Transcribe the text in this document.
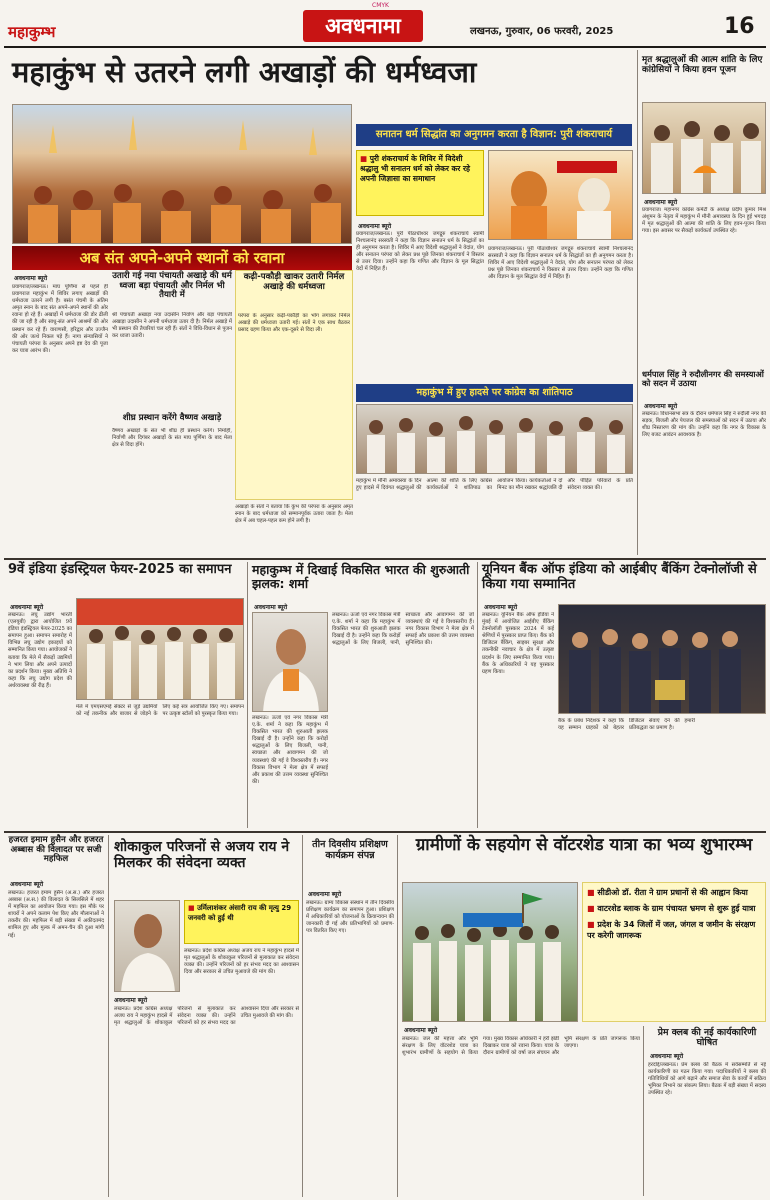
CMYK
महाकुम्भ	अवधनामा	लखनऊ, गुरुवार, 06 फरवरी, 2025	16
महाकुंभ से उतरने लगी अखाड़ों की धर्मध्वजा
सनातन धर्म सिद्धांत का अनुगमन करता है विज्ञान: पुरी शंकराचार्य
■ पुरी शंकराचार्य के शिविर में विदेशी श्रद्धालु भी सनातन धर्म को लेकर कर रहे अपनी जिज्ञासा का समाधान
अवधनामा ब्यूरो
प्रयागराज/लखनऊ। पुरी पीठाधीश्वर जगद्गुरु शंकराचार्य स्वामी निश्चलानंद सरस्वती ने कहा कि विज्ञान सनातन धर्म के सिद्धांतों का ही अनुगमन करता है। शिविर में आए विदेशी श्रद्धालुओं ने वेदांत, योग और सनातन परंपरा को लेकर प्रश्न पूछे जिनका शंकराचार्य ने विस्तार से उत्तर दिया। उन्होंने कहा कि गणित और विज्ञान के मूल सिद्धांत वेदों में निहित हैं।
प्रयागराज/लखनऊ। पुरी पीठाधीश्वर जगद्गुरु शंकराचार्य स्वामी निश्चलानंद सरस्वती ने कहा कि विज्ञान सनातन धर्म के सिद्धांतों का ही अनुगमन करता है। शिविर में आए विदेशी श्रद्धालुओं ने वेदांत, योग और सनातन परंपरा को लेकर प्रश्न पूछे जिनका शंकराचार्य ने विस्तार से उत्तर दिया। उन्होंने कहा कि गणित और विज्ञान के मूल सिद्धांत वेदों में निहित हैं।
अब संत अपने-अपने स्थानों को रवाना
अवधनामा ब्यूरो
प्रयागराज/लखनऊ। माघ पूर्णिमा से पहले ही प्रयागराज महाकुंभ में शिविर लगाए अखाड़ों की धर्मध्वजा उतरने लगी है। बसंत पंचमी के अंतिम अमृत स्नान के बाद संत अपने-अपने स्थानों की ओर रवाना हो रहे हैं। अखाड़ों में धर्मध्वजा की डोर ढीली की जा रही है और साधु-संत अपने आश्रमों की ओर प्रस्थान कर रहे हैं। वाराणसी, हरिद्वार और उज्जैन की ओर जत्थे निकल पड़े हैं। नागा संन्यासियों ने पंचायती परंपरा के अनुसार अपने इष्ट देव की पूजा कर यात्रा आरंभ की।
उतारी गई नया पंचायती अखाड़े की धर्म ध्वजा बड़ा पंचायती और निर्मल भी तैयारी में
श्री पंचायती अखाड़ा नया उदासीन निर्वाण और बड़ा पंचायती अखाड़ा उदासीन ने अपनी धर्मध्वजा उतार दी है। निर्मल अखाड़े में भी प्रस्थान की तैयारियां चल रही हैं। संतों ने विधि-विधान से पूजन कर ध्वजा उतारी।
शीघ्र प्रस्थान करेंगे वैष्णव अखाड़े
वैष्णव अखाड़ों के संत भी शीघ्र ही प्रस्थान करेंगे। निर्मोही, निर्वाणी और दिगंबर अखाड़ों के संत माघ पूर्णिमा के बाद मेला क्षेत्र से विदा होंगे।
कढ़ी-पकौड़ी खाकर उतारी निर्मल अखाड़े की धर्मध्वजा
परंपरा के अनुसार कढ़ी-पकौड़ी का भोग लगाकर निर्मल अखाड़े की धर्मध्वजा उतारी गई। संतों ने एक साथ बैठकर प्रसाद ग्रहण किया और एक-दूसरे से विदा ली।
अखाड़ों के संतों ने बताया कि कुंभ की परंपरा के अनुसार अमृत स्नान के बाद धर्मध्वजा को सम्मानपूर्वक उतारा जाता है। मेला क्षेत्र में अब चहल-पहल कम होने लगी है।
महाकुंभ में हुए हादसे पर कांग्रेस का शांतिपाठ
महाकुंभ में मौनी अमावस्या के दिन हुए हादसे में दिवंगत श्रद्धालुओं की आत्मा की शांति के लिए कांग्रेस कार्यकर्ताओं ने शांतिपाठ का आयोजन किया। कार्यकर्ताओं ने दो मिनट का मौन रखकर श्रद्धांजलि दी और पीड़ित परिवारों के प्रति संवेदना व्यक्त की।
मृत श्रद्धालुओं की आत्म शांति के लिए कांग्रेसियों ने किया हवन पूजन
अवधनामा ब्यूरो
प्रयागराज। महानगर कांग्रेस कमेटी के अध्यक्ष प्रदीप कुमार मिश्र अंशुमन के नेतृत्व में महाकुंभ में मौनी अमावस्या के दिन हुई भगदड़ में मृत श्रद्धालुओं की आत्मा की शांति के लिए हवन-पूजन किया गया। इस अवसर पर सैकड़ों कार्यकर्ता उपस्थित रहे।
धर्मपाल सिंह ने रुदौलीनगर की समस्याओं को सदन में उठाया
अवधनामा ब्यूरो
लखनऊ। विधानसभा सत्र के दौरान धर्मपाल सिंह ने रुदौली नगर की सड़क, बिजली और पेयजल की समस्याओं को सदन में उठाया और शीघ्र निस्तारण की मांग की। उन्होंने कहा कि नगर के विकास के लिए बजट आवंटन आवश्यक है।
9वें इंडिया इंडस्ट्रियल फेयर-2025 का समापन
अवधनामा ब्यूरो
लखनऊ। लघु उद्योग भारती (एलयूबी) द्वारा आयोजित 9वें इंडिया इंडस्ट्रियल फेयर-2025 का समापन हुआ। समापन समारोह में विभिन्न लघु उद्योग इकाइयों को सम्मानित किया गया। आयोजकों ने बताया कि मेले में सैकड़ों उद्यमियों ने भाग लिया और अपने उत्पादों का प्रदर्शन किया। मुख्य अतिथि ने कहा कि लघु उद्योग प्रदेश की अर्थव्यवस्था की रीढ़ हैं।
मेले में एमएसएमई सेक्टर से जुड़े उद्यमियों को नई तकनीक और बाजार से जोड़ने के लिए कई सत्र आयोजित किए गए। समापन पर उत्कृष्ट स्टॉलों को पुरस्कृत किया गया।
महाकुम्भ में दिखाई विकसित भारत की शुरुआती झलक: शर्मा
अवधनामा ब्यूरो
लखनऊ। ऊर्जा एवं नगर विकास मंत्री ए.के. शर्मा ने कहा कि महाकुंभ में विकसित भारत की शुरुआती झलक दिखाई दी है। उन्होंने कहा कि करोड़ों श्रद्धालुओं के लिए बिजली, पानी, स्वच्छता और आवागमन की जो व्यवस्थाएं की गईं वे विश्वस्तरीय हैं। नगर विकास विभाग ने मेला क्षेत्र में सफाई और प्रकाश की उत्तम व्यवस्था सुनिश्चित की।
लखनऊ। ऊर्जा एवं नगर विकास मंत्री ए.के. शर्मा ने कहा कि महाकुंभ में विकसित भारत की शुरुआती झलक दिखाई दी है। उन्होंने कहा कि करोड़ों श्रद्धालुओं के लिए बिजली, पानी, स्वच्छता और आवागमन की जो व्यवस्थाएं की गईं वे विश्वस्तरीय हैं। नगर विकास विभाग ने मेला क्षेत्र में सफाई और प्रकाश की उत्तम व्यवस्था सुनिश्चित की।
यूनियन बैंक ऑफ इंडिया को आईबीए बैंकिंग टेक्नोलॉजी से किया गया सम्मानित
अवधनामा ब्यूरो
लखनऊ। यूनियन बैंक ऑफ इंडिया ने मुंबई में आयोजित आईबीए बैंकिंग टेक्नोलॉजी पुरस्कार 2024 में कई श्रेणियों में पुरस्कार प्राप्त किए। बैंक को डिजिटल बैंकिंग, साइबर सुरक्षा और तकनीकी नवाचार के क्षेत्र में उत्कृष्ट प्रदर्शन के लिए सम्मानित किया गया। बैंक के अधिकारियों ने यह पुरस्कार ग्रहण किया।
बैंक के प्रबंध निदेशक ने कहा कि यह सम्मान ग्राहकों को बेहतर डिजिटल सेवाएं देने की हमारी प्रतिबद्धता का प्रमाण है।
हजरत इमाम हुसैन और हजरत अब्बास की विलादत पर सजी महफिल
अवधनामा ब्यूरो
लखनऊ। हजरत इमाम हुसैन (अ.स.) और हजरत अब्बास (अ.स.) की विलादत के सिलसिले में शहर में महफिल का आयोजन किया गया। इस मौके पर शायरों ने अपने कलाम पेश किए और मौलानाओं ने तकरीर की। महफिल में बड़ी संख्या में अकीदतमंद शामिल हुए और मुल्क में अमन-चैन की दुआ मांगी गई।
शोकाकुल परिजनों से अजय राय ने मिलकर की संवेदना व्यक्त
■ उर्मिलाशंकर अंसारी राय की मृत्यु 29 जनवरी को हुई थी
लखनऊ। प्रदेश कांग्रेस अध्यक्ष अजय राय ने महाकुंभ हादसे में मृत श्रद्धालुओं के शोकाकुल परिजनों से मुलाकात कर संवेदना व्यक्त की। उन्होंने परिजनों को हर संभव मदद का आश्वासन दिया और सरकार से उचित मुआवजे की मांग की।
अवधनामा ब्यूरो
लखनऊ। प्रदेश कांग्रेस अध्यक्ष अजय राय ने महाकुंभ हादसे में मृत श्रद्धालुओं के शोकाकुल परिजनों से मुलाकात कर संवेदना व्यक्त की। उन्होंने परिजनों को हर संभव मदद का आश्वासन दिया और सरकार से उचित मुआवजे की मांग की।
तीन दिवसीय प्रशिक्षण कार्यक्रम संपन्न
अवधनामा ब्यूरो
लखनऊ। ग्राम्य विकास संस्थान में तीन दिवसीय प्रशिक्षण कार्यक्रम का समापन हुआ। प्रशिक्षण में अधिकारियों को योजनाओं के क्रियान्वयन की जानकारी दी गई और प्रतिभागियों को प्रमाण-पत्र वितरित किए गए।
ग्रामीणों के सहयोग से वॉटरशेड यात्रा का भव्य शुभारम्भ
■ सीडीओ डॉ. रीता ने ग्राम प्रधानों से की आह्वान किया
■ वाटरशेड ब्लाक के ग्राम पंचायत भ्रमण से शुरू हुई यात्रा
■ प्रदेश के 34 जिलों में जल, जंगल व जमीन के संरक्षण पर करेगी जागरूक
अवधनामा ब्यूरो
लखनऊ। जल की महत्ता और भूमि संरक्षण के लिए वॉटरशेड यात्रा का शुभारंभ ग्रामीणों के सहयोग से किया गया। मुख्य विकास अधिकारी ने हरी झंडी दिखाकर यात्रा को रवाना किया। यात्रा के दौरान ग्रामीणों को वर्षा जल संचयन और भूमि संरक्षण के प्रति जागरूक किया जाएगा।
प्रेम क्लब की नई कार्यकारिणी घोषित
अवधनामा ब्यूरो
हरदोई/लखनऊ। प्रेम क्लब की बैठक में सर्वसम्मति से नई कार्यकारिणी का गठन किया गया। पदाधिकारियों ने क्लब की गतिविधियों को आगे बढ़ाने और समाज सेवा के कार्यों में सक्रिय भूमिका निभाने का संकल्प लिया। बैठक में बड़ी संख्या में सदस्य उपस्थित रहे।
